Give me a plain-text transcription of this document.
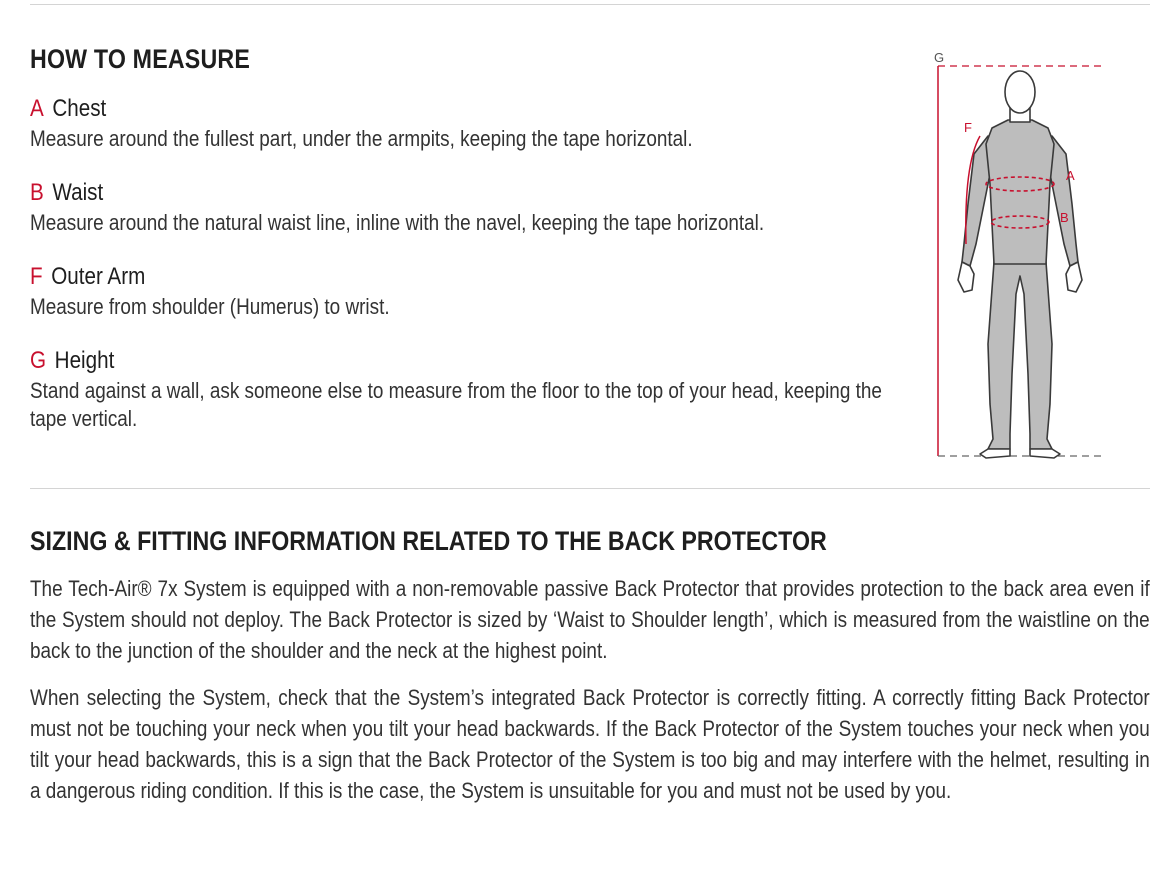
HOW TO MEASURE
A Chest
Measure around the fullest part, under the armpits, keeping the tape horizontal.
B Waist
Measure around the natural waist line, inline with the navel, keeping the tape horizontal.
F Outer Arm
Measure from shoulder (Humerus) to wrist.
G Height
Stand against a wall, ask someone else to measure from the floor to the top of your head, keeping the tape vertical.
G
A
B
F
SIZING & FITTING INFORMATION RELATED TO THE BACK PROTECTOR

The Tech-Air® 7x System is equipped with a non-removable passive Back Protector that provides protection to the back area even if the System should not deploy. The Back Protector is sized by ‘Waist to Shoulder length’, which is measured from the waistline on the back to the junction of the shoulder and the neck at the highest point.

When selecting the System, check that the System’s integrated Back Protector is correctly fitting. A correctly fitting Back Protector must not be touching your neck when you tilt your head backwards. If the Back Protector of the System touches your neck when you tilt your head backwards, this is a sign that the Back Protector of the System is too big and may interfere with the helmet, resulting in a dangerous riding condition. If this is the case, the System is unsuitable for you and must not be used by you.
